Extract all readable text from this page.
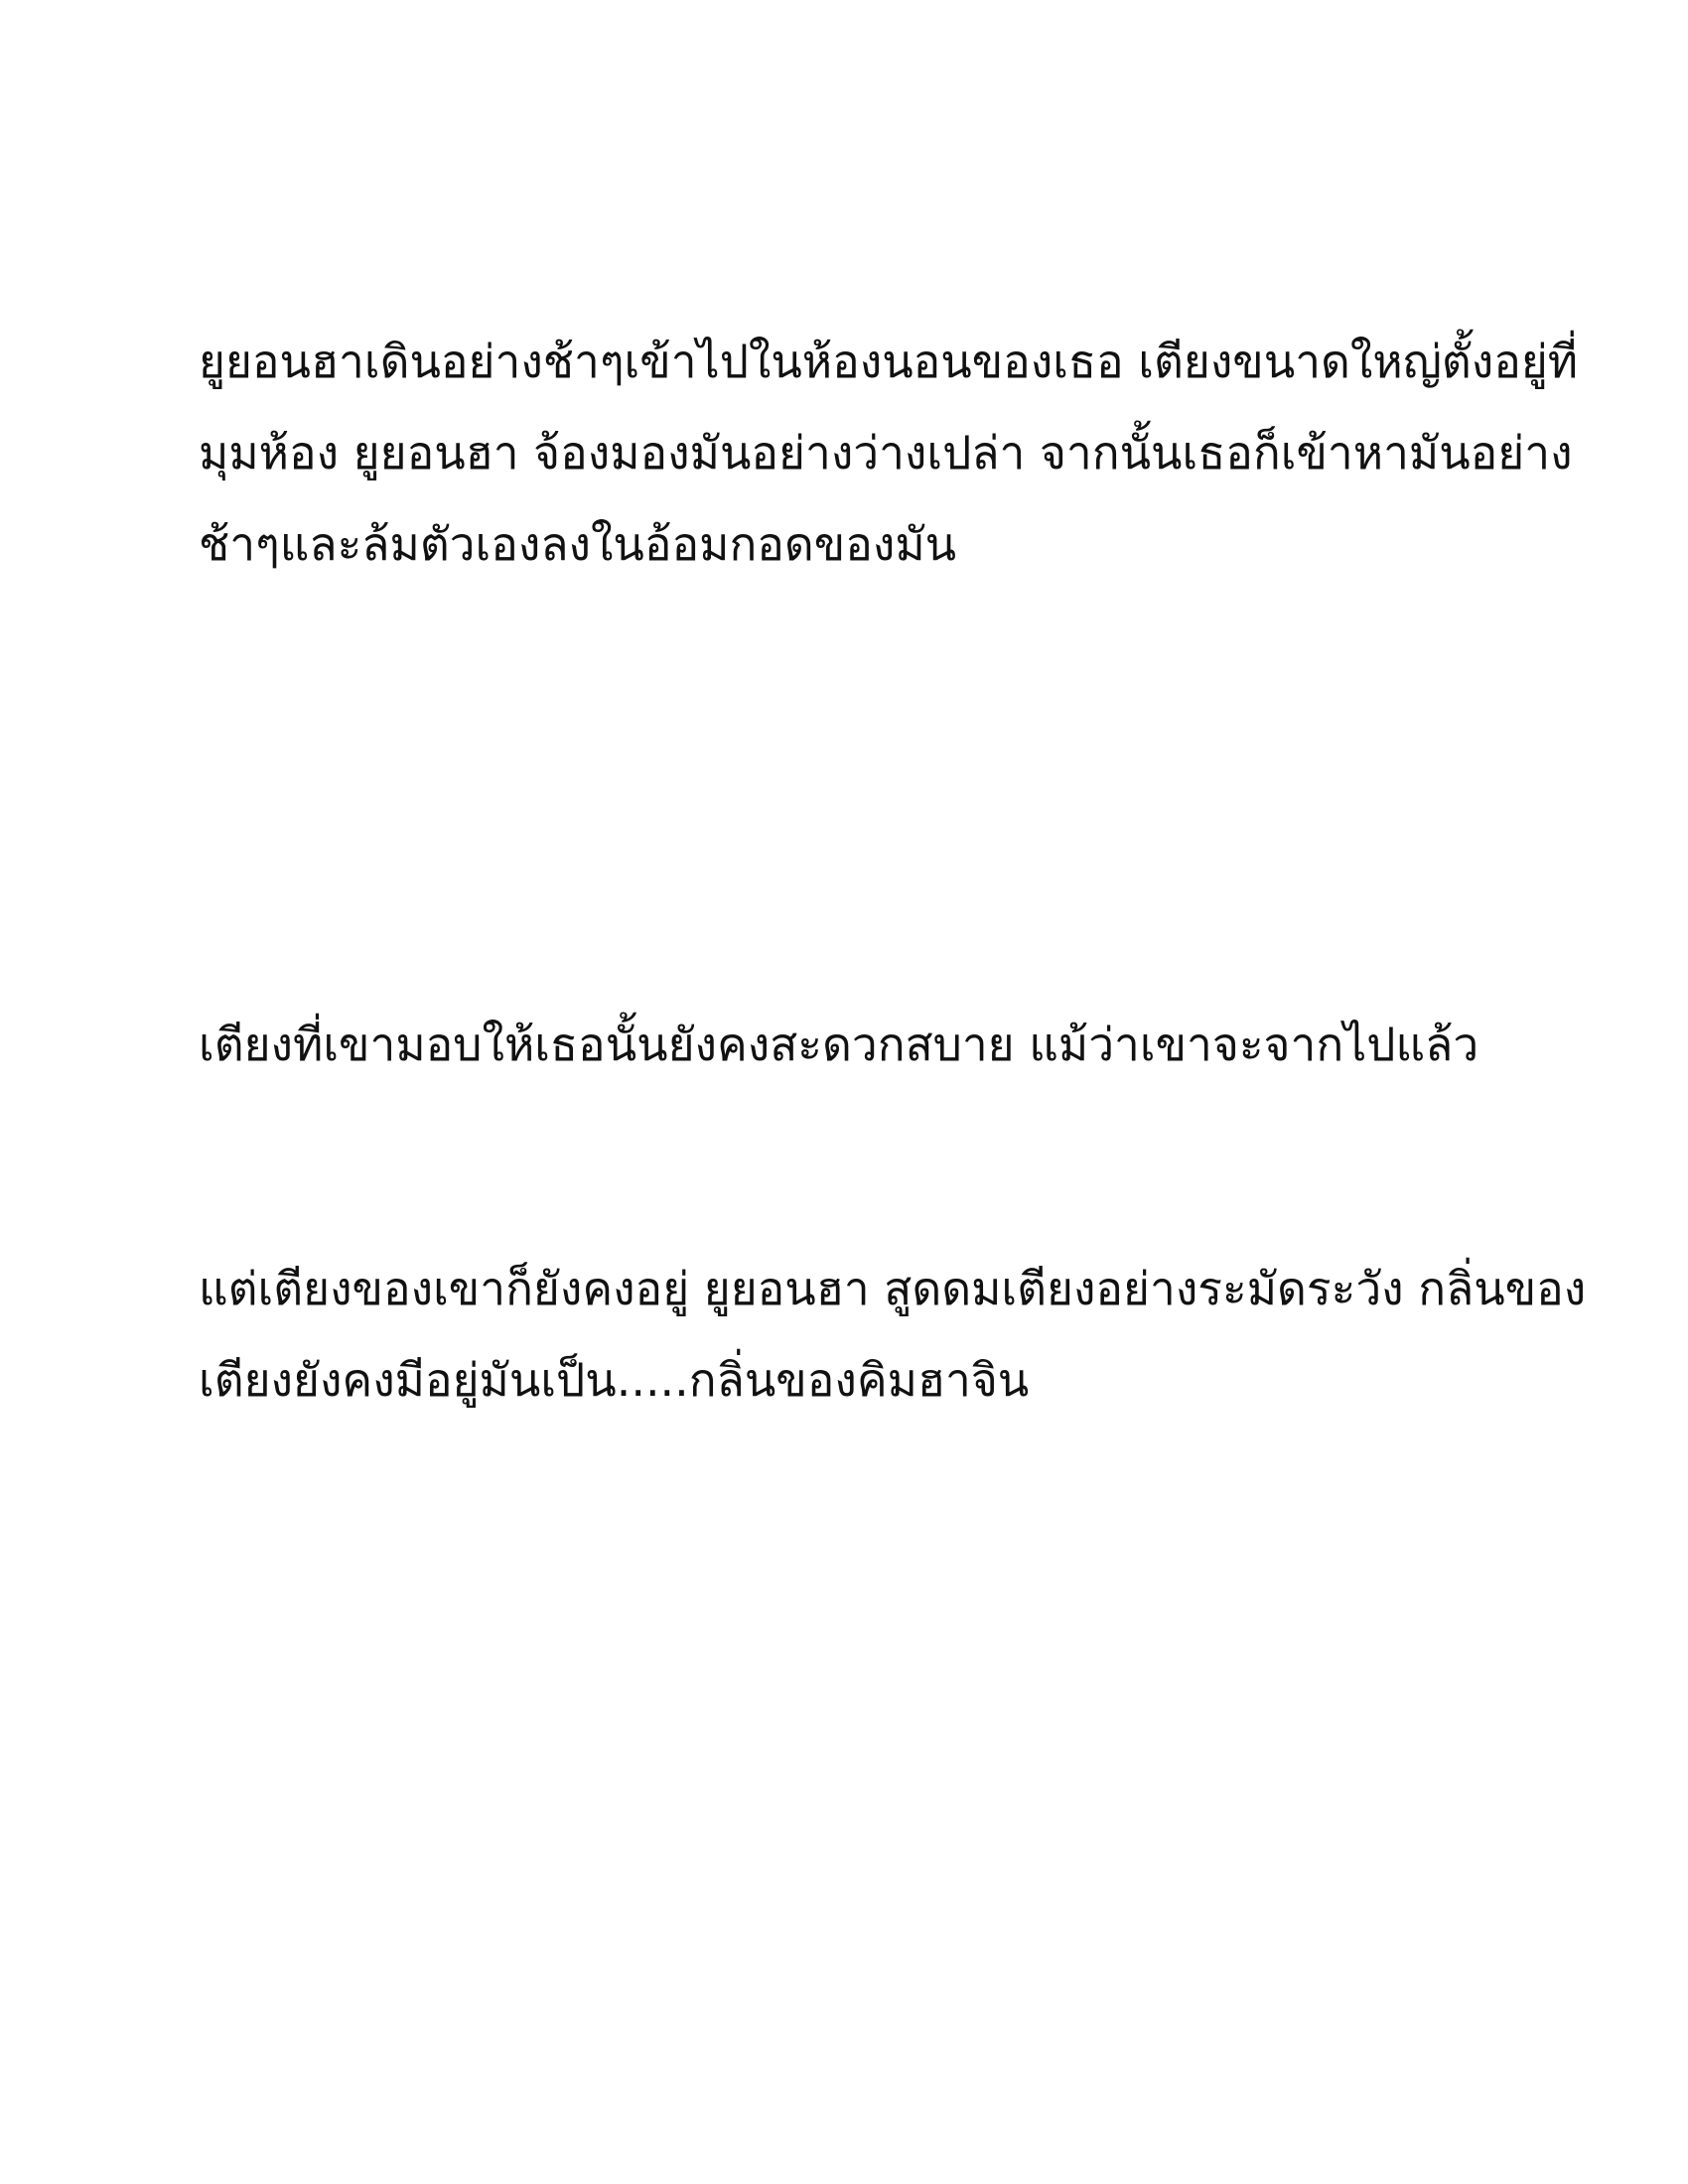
ยูยอนฮาเดินอย่างช้าๆเข้าไปในห้องนอนของเธอ เตียงขนาดใหญ่ตั้งอยู่ที่
มุมห้อง ยูยอนฮา จ้องมองมันอย่างว่างเปล่า จากนั้นเธอก็เข้าหามันอย่าง
ช้าๆและล้มตัวเองลงในอ้อมกอดของมัน

เตียงที่เขามอบให้เธอนั้นยังคงสะดวกสบาย แม้ว่าเขาจะจากไปแล้ว

แต่เตียงของเขาก็ยังคงอยู่ ยูยอนฮา สูดดมเตียงอย่างระมัดระวัง กลิ่นของ
เตียงยังคงมีอยู่มันเป็น.....กลิ่นของคิมฮาจิน
